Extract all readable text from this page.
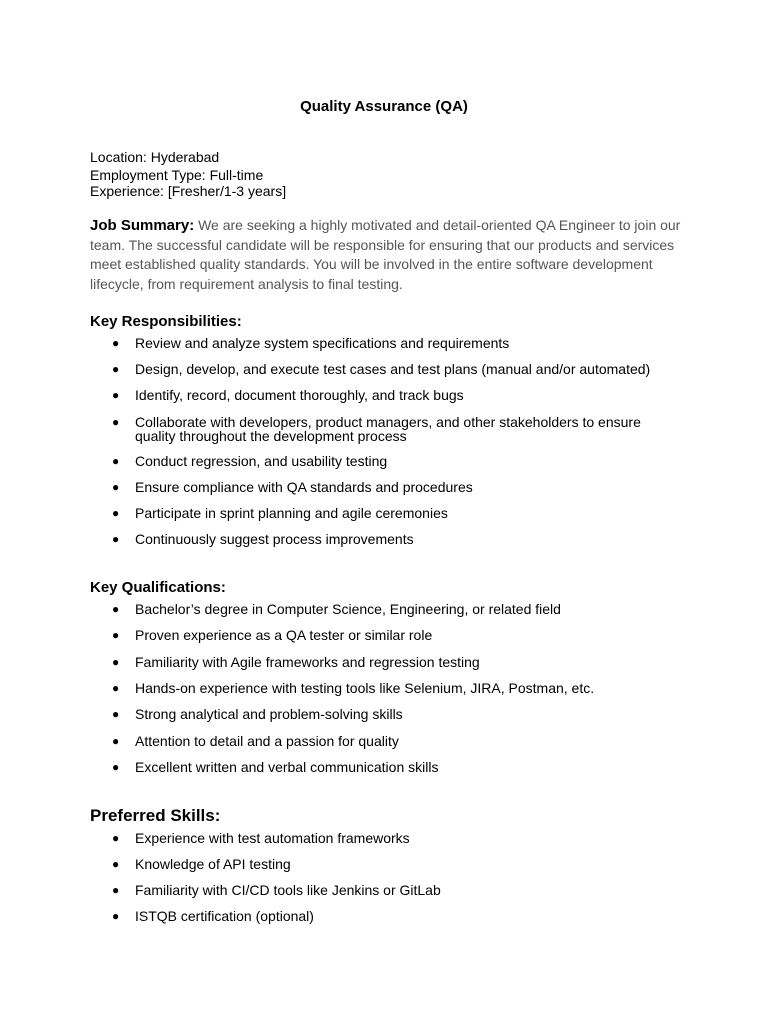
Quality Assurance (QA)
Location: Hyderabad
Employment Type: Full-time
Experience: [Fresher/1-3 years]
Job Summary: We are seeking a highly motivated and detail-oriented QA Engineer to join our team. The successful candidate will be responsible for ensuring that our products and services meet established quality standards. You will be involved in the entire software development lifecycle, from requirement analysis to final testing.
Key Responsibilities:
● Review and analyze system specifications and requirements
● Design, develop, and execute test cases and test plans (manual and/or automated)
● Identify, record, document thoroughly, and track bugs
● Collaborate with developers, product managers, and other stakeholders to ensure quality throughout the development process
● Conduct regression, and usability testing
● Ensure compliance with QA standards and procedures
● Participate in sprint planning and agile ceremonies
● Continuously suggest process improvements
Key Qualifications:
● Bachelor’s degree in Computer Science, Engineering, or related field
● Proven experience as a QA tester or similar role
● Familiarity with Agile frameworks and regression testing
● Hands-on experience with testing tools like Selenium, JIRA, Postman, etc.
● Strong analytical and problem-solving skills
● Attention to detail and a passion for quality
● Excellent written and verbal communication skills
Preferred Skills:
● Experience with test automation frameworks
● Knowledge of API testing
● Familiarity with CI/CD tools like Jenkins or GitLab
● ISTQB certification (optional)
